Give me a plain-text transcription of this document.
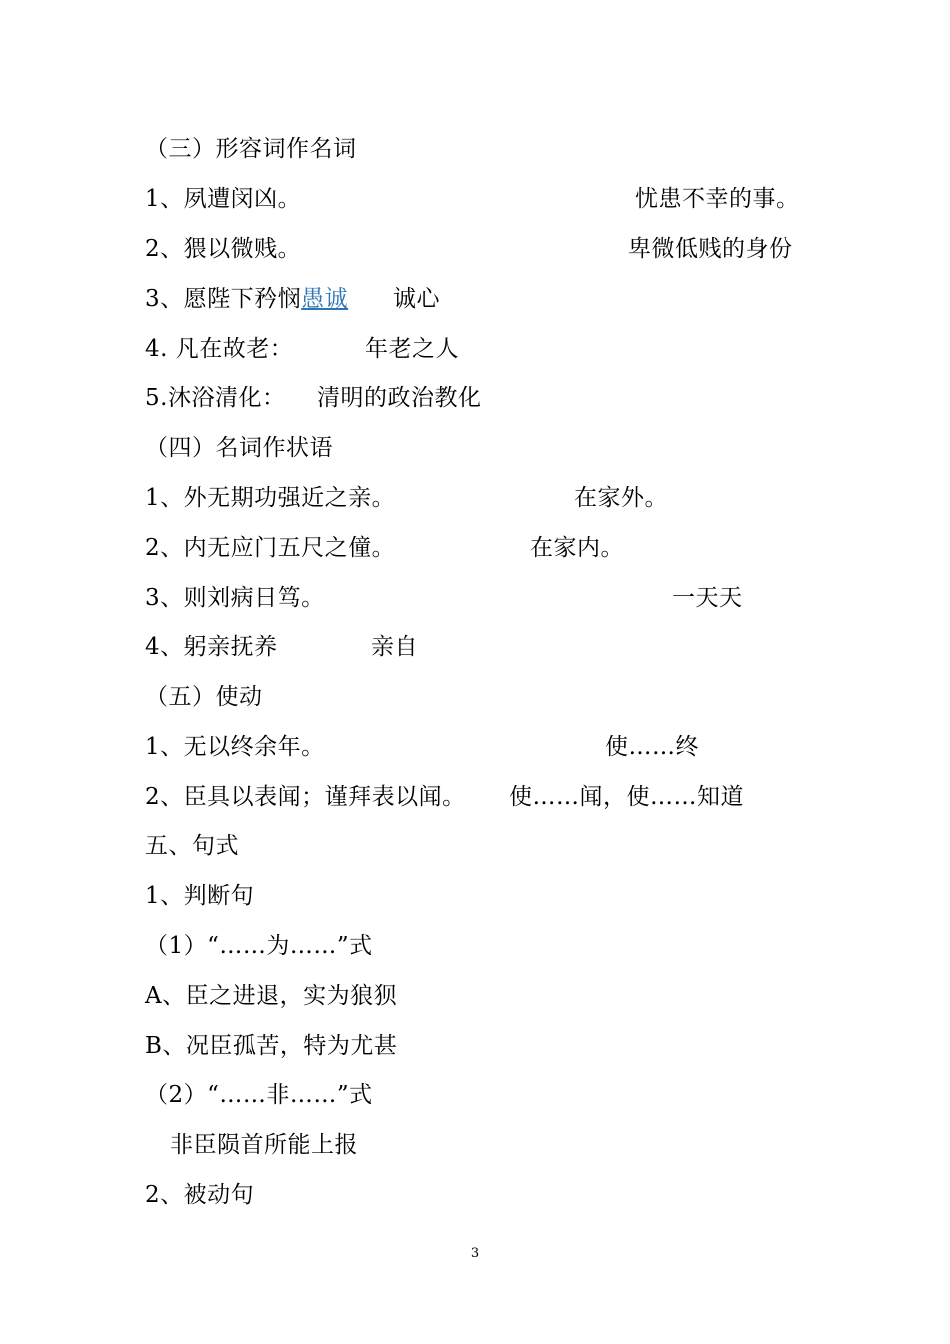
（三）形容词作名词
1、夙遭闵凶。	忧患不幸的事。
2、猥以微贱。	卑微低贱的身份
3、愿陛下矜悯愚诚 诚心
4. 凡在故老：	年老之人
5.沐浴清化： 清明的政治教化
（四）名词作状语
1、外无期功强近之亲。	在家外。
2、内无应门五尺之僮。	在家内。
3、则刘病日笃。	一天天
4、躬亲抚养	亲自
（五）使动
1、无以终余年。	使……终
2、臣具以表闻；谨拜表以闻。 使……闻，使……知道
五、句式
1、判断句
（1）“……为……”式
A、臣之进退，实为狼狈
B、况臣孤苦，特为尤甚
（2）“……非……”式
非臣陨首所能上报
2、被动句
3
